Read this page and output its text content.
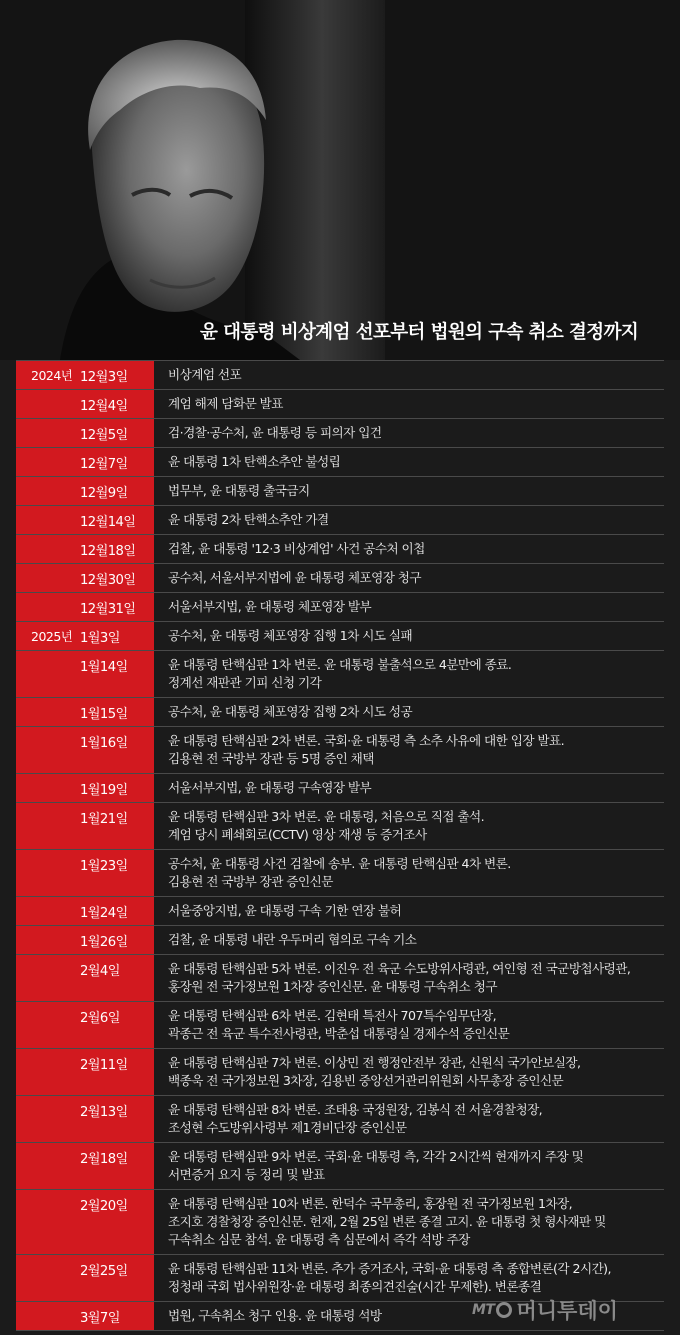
윤 대통령 비상계엄 선포부터 법원의 구속 취소 결정까지
2024년 12월3일	비상계엄 선포
12월4일	계엄 해제 담화문 발표
12월5일	검·경찰·공수처, 윤 대통령 등 피의자 입건
12월7일	윤 대통령 1차 탄핵소추안 불성립
12월9일	법무부, 윤 대통령 출국금지
12월14일	윤 대통령 2차 탄핵소추안 가결
12월18일	검찰, 윤 대통령 '12·3 비상계엄' 사건 공수처 이첩
12월30일	공수처, 서울서부지법에 윤 대통령 체포영장 청구
12월31일	서울서부지법, 윤 대통령 체포영장 발부
2025년 1월3일	공수처, 윤 대통령 체포영장 집행 1차 시도 실패
1월14일	윤 대통령 탄핵심판 1차 변론. 윤 대통령 불출석으로 4분만에 종료.
정계선 재판관 기피 신청 기각
1월15일	공수처, 윤 대통령 체포영장 집행 2차 시도 성공
1월16일	윤 대통령 탄핵심판 2차 변론. 국회·윤 대통령 측 소추 사유에 대한 입장 발표.
김용현 전 국방부 장관 등 5명 증인 채택
1월19일	서울서부지법, 윤 대통령 구속영장 발부
1월21일	윤 대통령 탄핵심판 3차 변론. 윤 대통령, 처음으로 직접 출석.
계엄 당시 폐쇄회로(CCTV) 영상 재생 등 증거조사
1월23일	공수처, 윤 대통령 사건 검찰에 송부. 윤 대통령 탄핵심판 4차 변론.
김용현 전 국방부 장관 증인신문
1월24일	서울중앙지법, 윤 대통령 구속 기한 연장 불허
1월26일	검찰, 윤 대통령 내란 우두머리 혐의로 구속 기소
2월4일	윤 대통령 탄핵심판 5차 변론. 이진우 전 육군 수도방위사령관, 여인형 전 국군방첩사령관,
홍장원 전 국가정보원 1차장 증인신문. 윤 대통령 구속취소 청구
2월6일	윤 대통령 탄핵심판 6차 변론. 김현태 특전사 707특수임무단장,
곽종근 전 육군 특수전사령관, 박춘섭 대통령실 경제수석 증인신문
2월11일	윤 대통령 탄핵심판 7차 변론. 이상민 전 행정안전부 장관, 신원식 국가안보실장,
백종욱 전 국가정보원 3차장, 김용빈 중앙선거관리위원회 사무총장 증인신문
2월13일	윤 대통령 탄핵심판 8차 변론. 조태용 국정원장, 김봉식 전 서울경찰청장,
조성현 수도방위사령부 제1경비단장 증인신문
2월18일	윤 대통령 탄핵심판 9차 변론. 국회·윤 대통령 측, 각각 2시간씩 현재까지 주장 및
서면증거 요지 등 정리 및 발표
2월20일	윤 대통령 탄핵심판 10차 변론. 한덕수 국무총리, 홍장원 전 국가정보원 1차장,
조지호 경찰청장 증인신문. 헌재, 2월 25일 변론 종결 고지. 윤 대통령 첫 형사재판 및
구속취소 심문 참석. 윤 대통령 측 심문에서 즉각 석방 주장
2월25일	윤 대통령 탄핵심판 11차 변론. 추가 증거조사, 국회·윤 대통령 측 종합변론(각 2시간),
정청래 국회 법사위원장·윤 대통령 최종의견진술(시간 무제한). 변론종결
3월7일	법원, 구속취소 청구 인용. 윤 대통령 석방	MT 머니투데이
